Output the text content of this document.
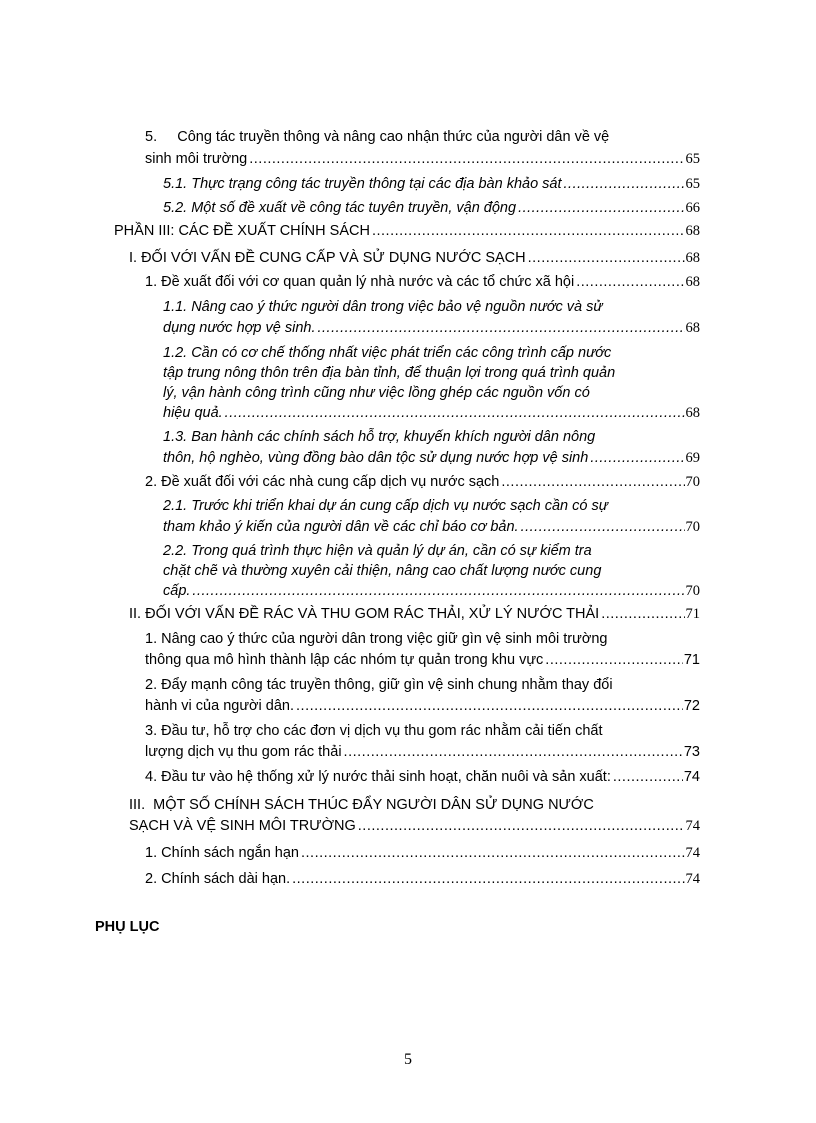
5.     Công tác truyền thông và nâng cao nhận thức của người dân về vệ
sinh môi trường .....	65
5.1. Thực trạng công tác truyền thông tại các địa bàn khảo sát .....	65
5.2. Một số đề xuất về công tác tuyên truyền, vận động .....	66
PHẦN III: CÁC ĐỀ XUẤT CHÍNH SÁCH .....	68
I. ĐỐI VỚI VẤN ĐỀ CUNG CẤP VÀ SỬ DỤNG NƯỚC SẠCH .....	68
1. Đề xuất đối với cơ quan quản lý nhà nước và các tổ chức xã hội .....	68
1.1. Nâng cao ý thức người dân trong việc bảo vệ nguồn nước và sử
dụng nước hợp vệ sinh. .....	68
1.2. Cần có cơ chế thống nhất việc phát triển các công trình cấp nước
tập trung nông thôn trên địa bàn tỉnh, để thuận lợi trong quá trình quản
lý, vận hành công trình cũng như việc lồng ghép các nguồn vốn có
hiệu quả. .....	68
1.3. Ban hành các chính sách hỗ trợ, khuyến khích người dân nông
thôn, hộ nghèo, vùng đồng bào dân tộc sử dụng nước hợp vệ sinh .....	69
2. Đề xuất đối với các nhà cung cấp dịch vụ nước sạch .....	70
2.1. Trước khi triển khai dự án cung cấp dịch vụ nước sạch cần có sự
tham khảo ý kiến của người dân về các chỉ báo cơ bản. .....	70
2.2. Trong quá trình thực hiện và quản lý dự án, cần có sự kiểm tra
chặt chẽ và thường xuyên cải thiện, nâng cao chất lượng nước cung
cấp. .....	70
II. ĐỐI VỚI VẤN ĐỀ RÁC VÀ THU GOM RÁC THẢI, XỬ LÝ NƯỚC THẢI .....	71
1. Nâng cao ý thức của người dân trong việc giữ gìn vệ sinh môi trường
thông qua mô hình thành lập các nhóm tự quản trong khu vực .....	71
2. Đẩy mạnh công tác truyền thông, giữ gìn vệ sinh chung nhằm thay đổi
hành vi của người dân. .....	72
3. Đầu tư, hỗ trợ cho các đơn vị dịch vụ thu gom rác nhằm cải tiến chất
lượng dịch vụ thu gom rác thải .....	73
4. Đầu tư vào hệ thống xử lý nước thải sinh hoạt, chăn nuôi và sản xuất: .....	74
III.  MỘT SỐ CHÍNH SÁCH THÚC ĐẨY NGƯỜI DÂN SỬ DỤNG NƯỚC
SẠCH VÀ VỆ SINH MÔI TRƯỜNG .....	74
1. Chính sách ngắn hạn .....	74
2. Chính sách dài hạn. .....	74
PHỤ LỤC
5
